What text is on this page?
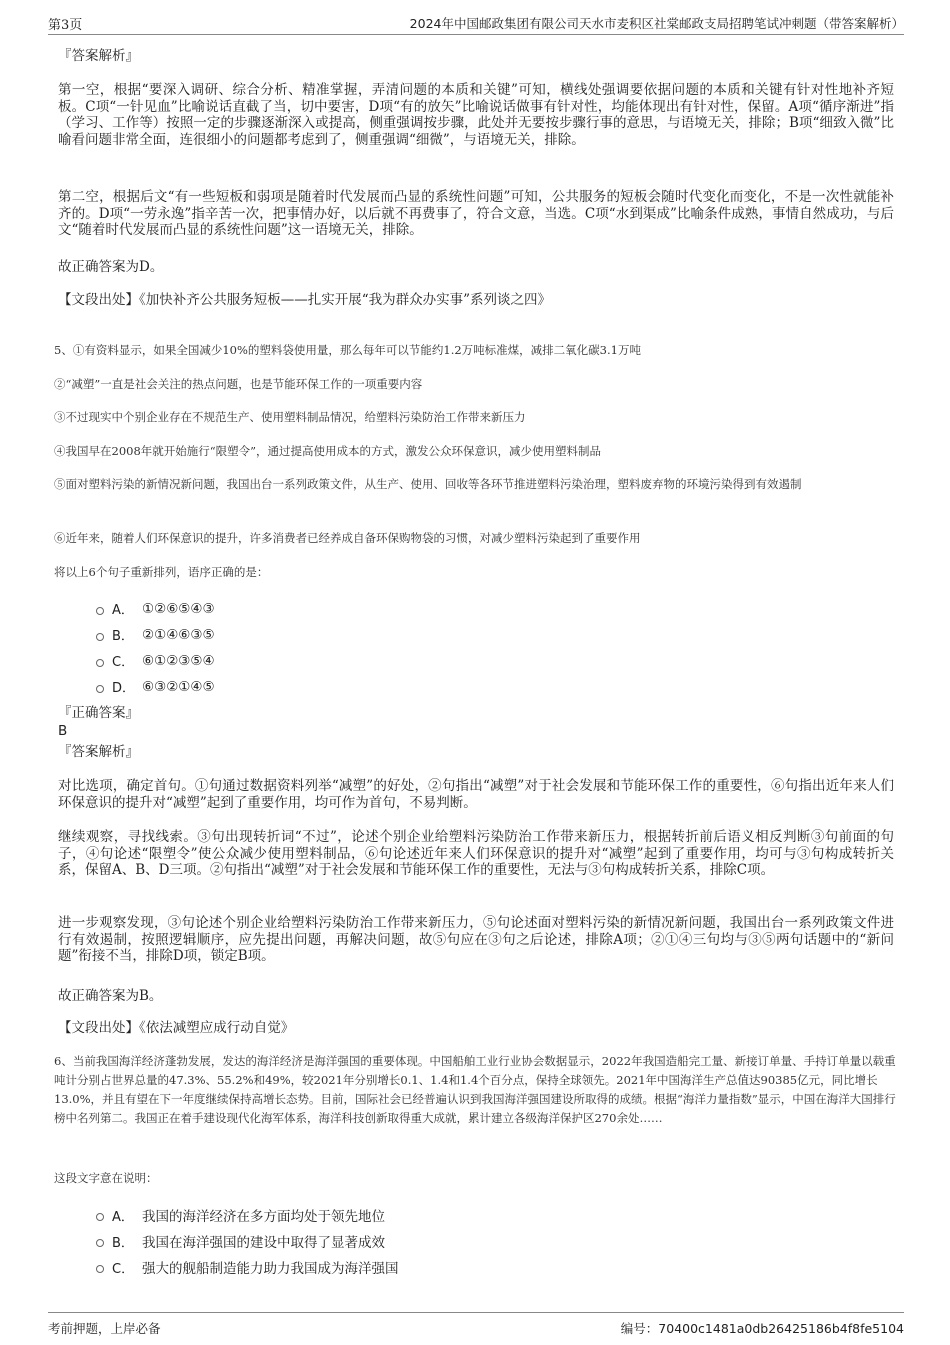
第3页	2024年中国邮政集团有限公司天水市麦积区社棠邮政支局招聘笔试冲刺题（带答案解析）
『答案解析』
第一空，根据“要深入调研、综合分析、精准掌握，弄清问题的本质和关键”可知，横线处强调要依据问题的本质和关键有针对性地补齐短板。C项“一针见血”比喻说话直截了当，切中要害，D项“有的放矢”比喻说话做事有针对性，均能体现出有针对性，保留。A项“循序渐进”指（学习、工作等）按照一定的步骤逐渐深入或提高，侧重强调按步骤，此处并无要按步骤行事的意思，与语境无关，排除；B项“细致入微”比喻看问题非常全面，连很细小的问题都考虑到了，侧重强调“细微”，与语境无关，排除。
第二空，根据后文“有一些短板和弱项是随着时代发展而凸显的系统性问题”可知，公共服务的短板会随时代变化而变化，不是一次性就能补齐的。D项“一劳永逸”指辛苦一次，把事情办好，以后就不再费事了，符合文意，当选。C项“水到渠成”比喻条件成熟，事情自然成功，与后文“随着时代发展而凸显的系统性问题”这一语境无关，排除。
故正确答案为D。
【文段出处】《加快补齐公共服务短板——扎实开展“我为群众办实事”系列谈之四》
5、①有资料显示，如果全国减少10%的塑料袋使用量，那么每年可以节能约1.2万吨标准煤，减排二氧化碳3.1万吨
②“减塑”一直是社会关注的热点问题，也是节能环保工作的一项重要内容
③不过现实中个别企业存在不规范生产、使用塑料制品情况，给塑料污染防治工作带来新压力
④我国早在2008年就开始施行“限塑令”，通过提高使用成本的方式，激发公众环保意识，减少使用塑料制品
⑤面对塑料污染的新情况新问题，我国出台一系列政策文件，从生产、使用、回收等各环节推进塑料污染治理，塑料废弃物的环境污染得到有效遏制
⑥近年来，随着人们环保意识的提升，许多消费者已经养成自备环保购物袋的习惯，对减少塑料污染起到了重要作用
将以上6个句子重新排列，语序正确的是：
A． ①②⑥⑤④③
B． ②①④⑥③⑤
C． ⑥①②③⑤④
D． ⑥③②①④⑤
『正确答案』
B
『答案解析』
对比选项，确定首句。①句通过数据资料列举“减塑”的好处，②句指出“减塑”对于社会发展和节能环保工作的重要性，⑥句指出近年来人们环保意识的提升对“减塑”起到了重要作用，均可作为首句，不易判断。
继续观察，寻找线索。③句出现转折词“不过”，论述个别企业给塑料污染防治工作带来新压力，根据转折前后语义相反判断③句前面的句子，④句论述“限塑令”使公众减少使用塑料制品，⑥句论述近年来人们环保意识的提升对“减塑”起到了重要作用，均可与③句构成转折关系，保留A、B、D三项。②句指出“减塑”对于社会发展和节能环保工作的重要性，无法与③句构成转折关系，排除C项。
进一步观察发现，③句论述个别企业给塑料污染防治工作带来新压力，⑤句论述面对塑料污染的新情况新问题，我国出台一系列政策文件进行有效遏制，按照逻辑顺序，应先提出问题，再解决问题，故⑤句应在③句之后论述，排除A项；②①④三句均与③⑤两句话题中的“新问题”衔接不当，排除D项，锁定B项。
故正确答案为B。
【文段出处】《依法减塑应成行动自觉》
6、当前我国海洋经济蓬勃发展，发达的海洋经济是海洋强国的重要体现。中国船舶工业行业协会数据显示，2022年我国造船完工量、新接订单量、手持订单量以载重吨计分别占世界总量的47.3%、55.2%和49%，较2021年分别增长0.1、1.4和1.4个百分点，保持全球领先。2021年中国海洋生产总值达90385亿元，同比增长13.0%，并且有望在下一年度继续保持高增长态势。目前，国际社会已经普遍认识到我国海洋强国建设所取得的成绩。根据“海洋力量指数”显示，中国在海洋大国排行榜中名列第二。我国正在着手建设现代化海军体系，海洋科技创新取得重大成就，累计建立各级海洋保护区270余处……
这段文字意在说明：
A． 我国的海洋经济在多方面均处于领先地位
B． 我国在海洋强国的建设中取得了显著成效
C． 强大的舰船制造能力助力我国成为海洋强国
考前押题，上岸必备	编号：70400c1481a0db26425186b4f8fe5104
